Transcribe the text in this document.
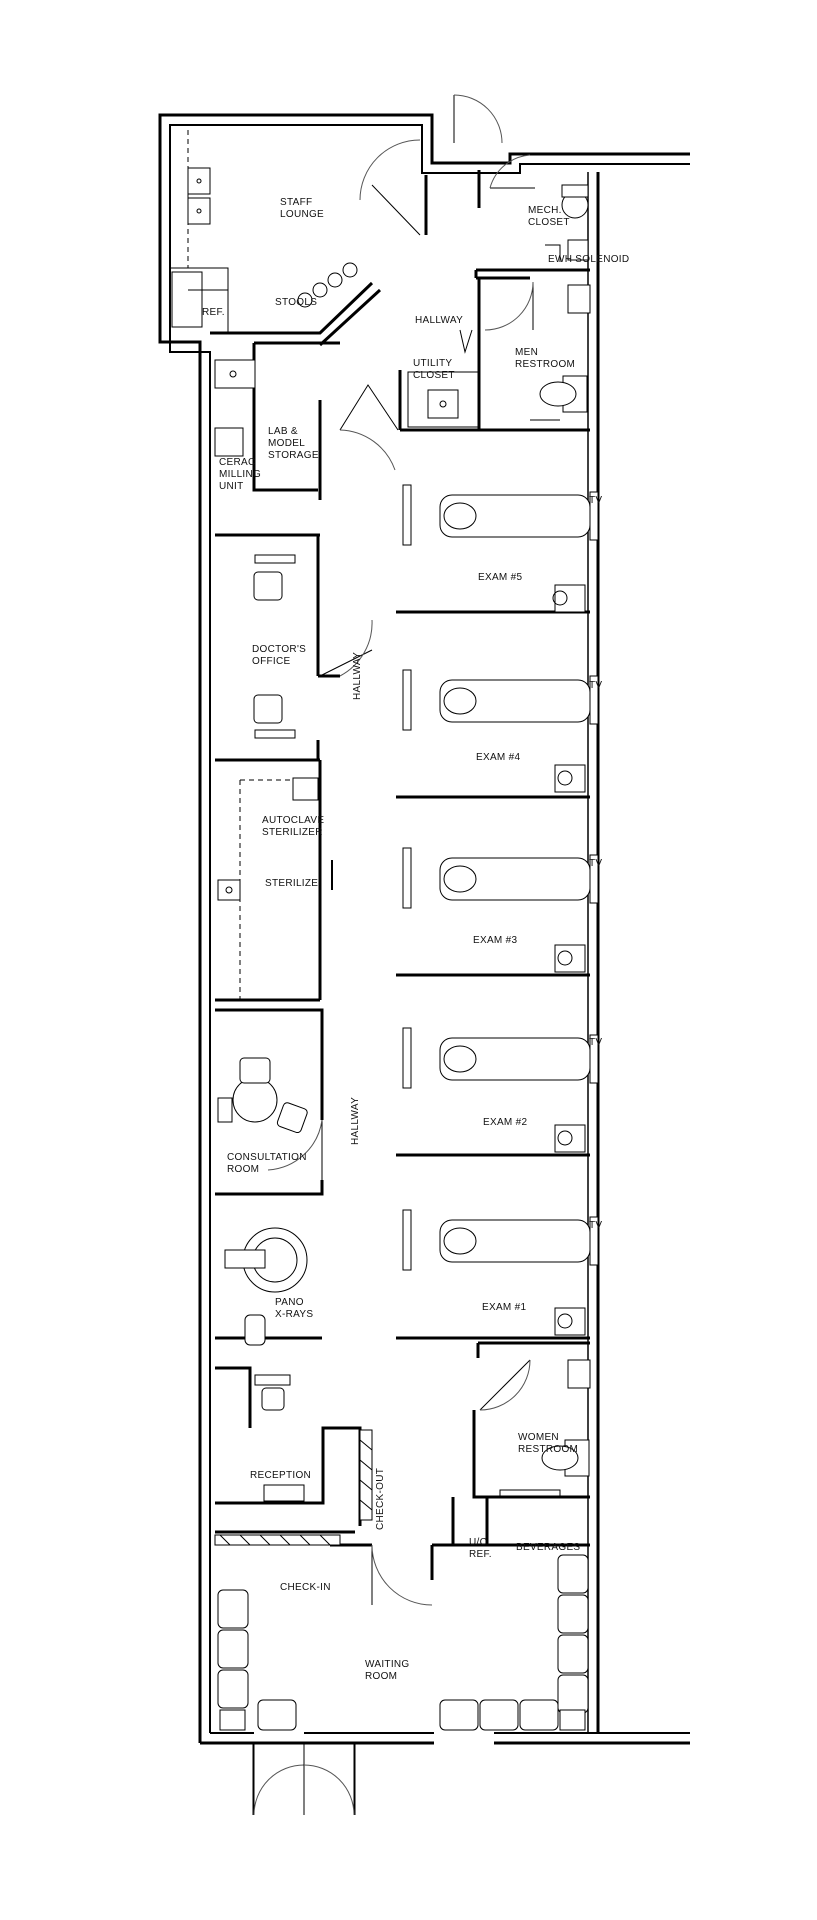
STAFF LOUNGE
STOOLS
REF.
HALLWAY
MECH. CLOSET
EWH SOLENOID
UTILITY CLOSET
MEN RESTROOM
LAB & MODEL STORAGE
CERAC MILLING UNIT
EXAM #5
EXAM #4
EXAM #3
EXAM #2
EXAM #1
TV
TV
TV
TV
TV
DOCTOR'S OFFICE	HALLWAY
AUTOCLAVE STERILIZER
STERILIZE
CONSULTATION ROOM
HALLWAY
PANO X-RAYS
RECEPTION	CHECK-OUT
CHECK-IN
WOMEN RESTROOM
U/C REF.
BEVERAGES
WAITING ROOM
